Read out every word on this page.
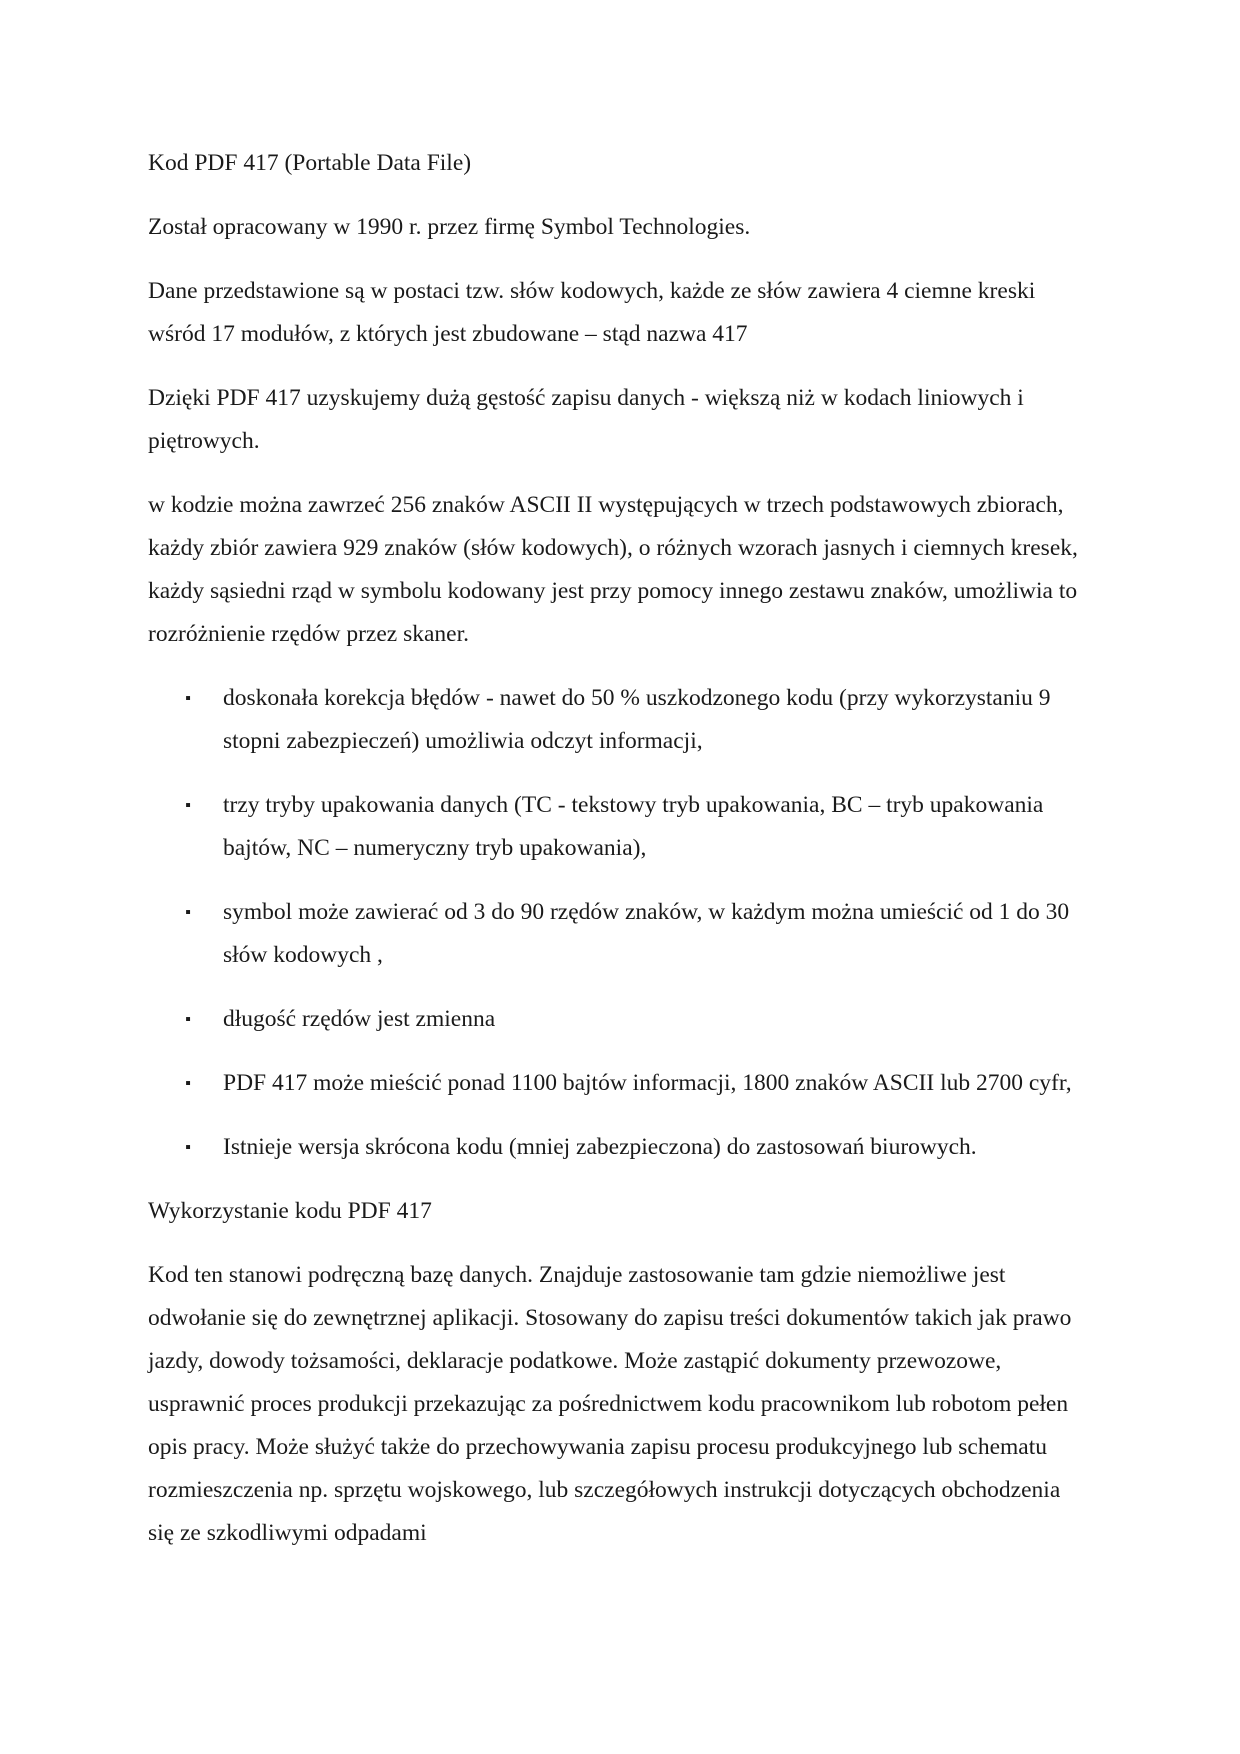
Kod PDF 417 (Portable Data File)

Został opracowany w 1990 r. przez firmę Symbol Technologies.

Dane przedstawione są w postaci tzw. słów kodowych, każde ze słów zawiera 4 ciemne kreski wśród 17 modułów, z których jest zbudowane – stąd nazwa 417

Dzięki PDF 417 uzyskujemy dużą gęstość zapisu danych - większą niż w kodach liniowych i piętrowych.

w kodzie można zawrzeć 256 znaków ASCII II występujących w trzech podstawowych zbiorach, każdy zbiór zawiera 929 znaków (słów kodowych), o różnych wzorach jasnych i ciemnych kresek, każdy sąsiedni rząd w symbolu kodowany jest przy pomocy innego zestawu znaków, umożliwia to rozróżnienie rzędów przez skaner.

▪
doskonała korekcja błędów - nawet do 50 % uszkodzonego kodu (przy wykorzystaniu 9 stopni zabezpieczeń) umożliwia odczyt informacji,
▪
trzy tryby upakowania danych (TC - tekstowy tryb upakowania, BC – tryb upakowania bajtów, NC – numeryczny tryb upakowania),
▪
symbol może zawierać od 3 do 90 rzędów znaków, w każdym można umieścić od 1 do 30 słów kodowych ,
▪
długość rzędów jest zmienna
▪
PDF 417 może mieścić ponad 1100 bajtów informacji, 1800 znaków ASCII lub 2700 cyfr,
▪
Istnieje wersja skrócona kodu (mniej zabezpieczona) do zastosowań biurowych.

Wykorzystanie kodu PDF 417

Kod ten stanowi podręczną bazę danych. Znajduje zastosowanie tam gdzie niemożliwe jest odwołanie się do zewnętrznej aplikacji. Stosowany do zapisu treści dokumentów takich jak prawo jazdy, dowody tożsamości, deklaracje podatkowe. Może zastąpić dokumenty przewozowe, usprawnić proces produkcji przekazując za pośrednictwem kodu pracownikom lub robotom pełen opis pracy. Może służyć także do przechowywania zapisu procesu produkcyjnego lub schematu rozmieszczenia np. sprzętu wojskowego, lub szczegółowych instrukcji dotyczących obchodzenia się ze szkodliwymi odpadami
